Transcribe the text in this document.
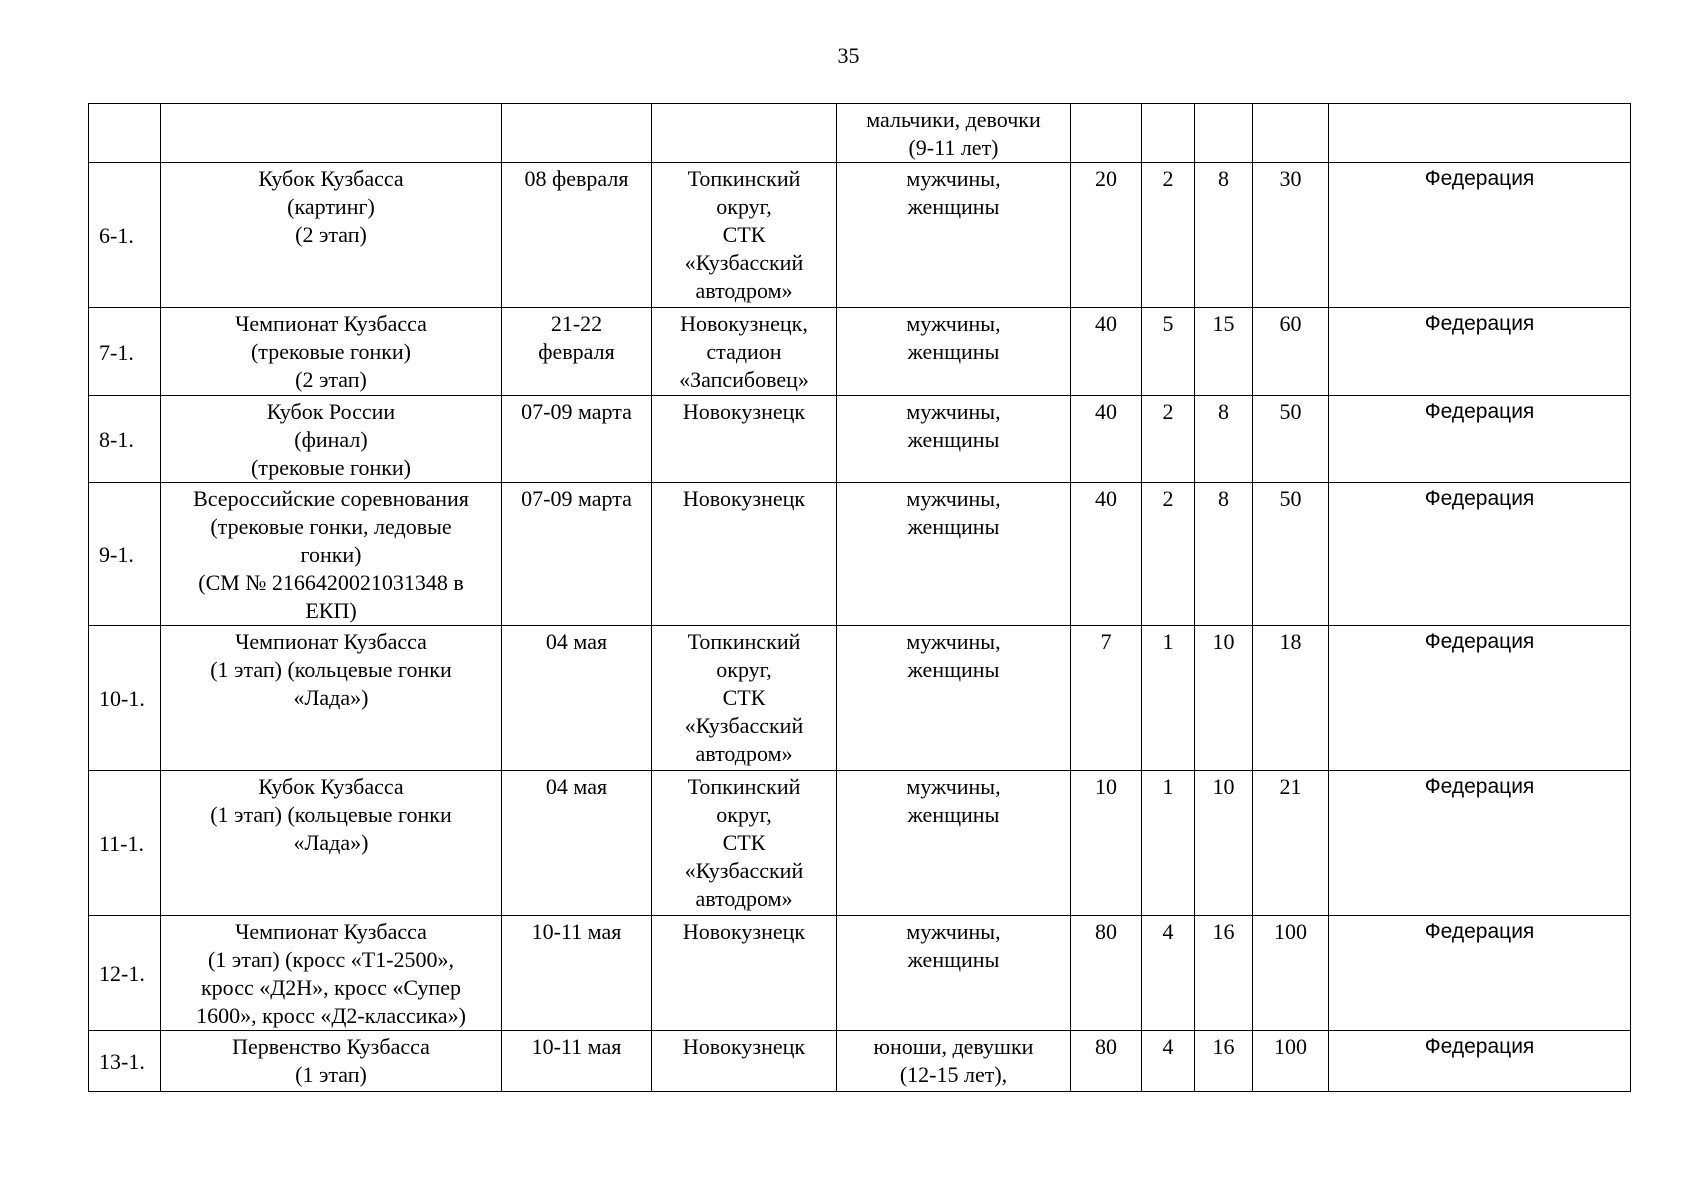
35
				мальчики, девочки
(9-11 лет)					
6-1.	Кубок Кузбасса
(картинг)
(2 этап)	08 февраля	Топкинский
округ,
СТК
«Кузбасский
автодром»	мужчины,
женщины	20	2	8	30	Федерация
7-1.	Чемпионат Кузбасса
(трековые гонки)
(2 этап)	21-22
февраля	Новокузнецк,
стадион
«Запсибовец»	мужчины,
женщины	40	5	15	60	Федерация
8-1.	Кубок России
(финал)
(трековые гонки)	07-09 марта	Новокузнецк	мужчины,
женщины	40	2	8	50	Федерация
9-1.	Всероссийские соревнования
(трековые гонки, ледовые
гонки)
(СМ № 2166420021031348 в
ЕКП)	07-09 марта	Новокузнецк	мужчины,
женщины	40	2	8	50	Федерация
10-1.	Чемпионат Кузбасса
(1 этап) (кольцевые гонки
«Лада»)	04 мая	Топкинский
округ,
СТК
«Кузбасский
автодром»	мужчины,
женщины	7	1	10	18	Федерация
11-1.	Кубок Кузбасса
(1 этап) (кольцевые гонки
«Лада»)	04 мая	Топкинский
округ,
СТК
«Кузбасский
автодром»	мужчины,
женщины	10	1	10	21	Федерация
12-1.	Чемпионат Кузбасса
(1 этап) (кросс «Т1-2500»,
кросс «Д2Н», кросс «Супер
1600», кросс «Д2-классика»)	10-11 мая	Новокузнецк	мужчины,
женщины	80	4	16	100	Федерация
13-1.	Первенство Кузбасса
(1 этап)	10-11 мая	Новокузнецк	юноши, девушки
(12-15 лет),	80	4	16	100	Федерация
